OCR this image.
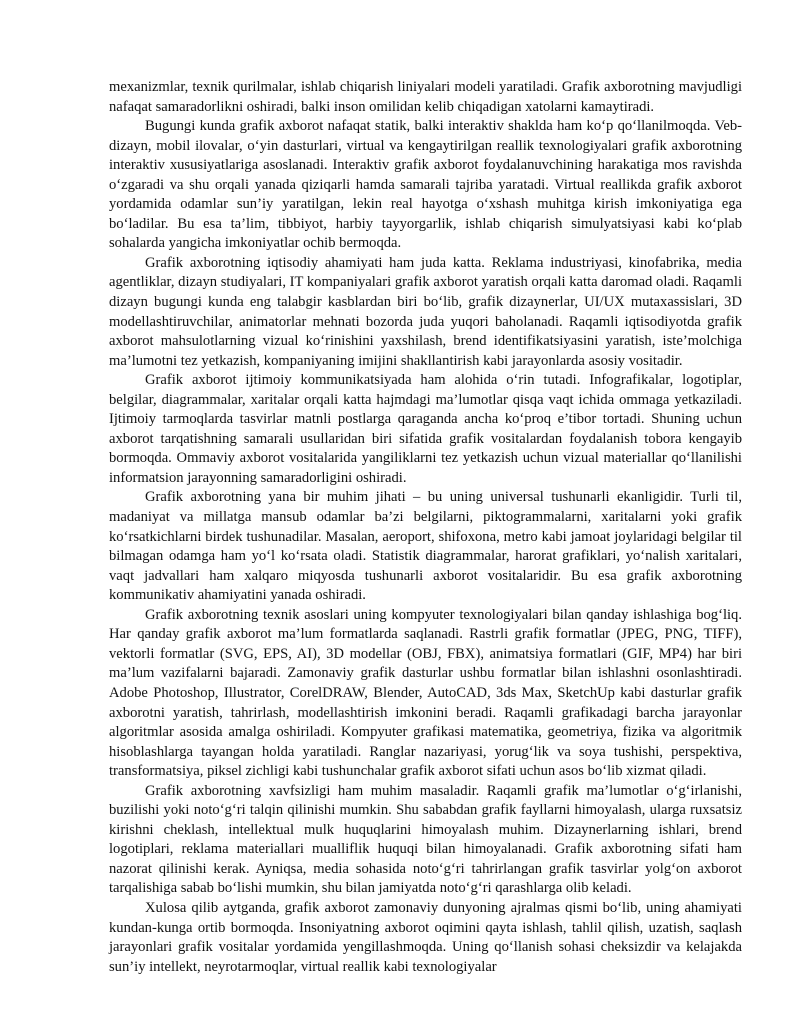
mexanizmlar, texnik qurilmalar, ishlab chiqarish liniyalari modeli yaratiladi. Grafik axborotning mavjudligi nafaqat samaradorlikni oshiradi, balki inson omilidan kelib chiqadigan xatolarni kamaytiradi.

Bugungi kunda grafik axborot nafaqat statik, balki interaktiv shaklda ham ko‘p qo‘llanilmoqda. Veb-dizayn, mobil ilovalar, o‘yin dasturlari, virtual va kengaytirilgan reallik texnologiyalari grafik axborotning interaktiv xususiyatlariga asoslanadi. Interaktiv grafik axborot foydalanuvchining harakatiga mos ravishda o‘zgaradi va shu orqali yanada qiziqarli hamda samarali tajriba yaratadi. Virtual reallikda grafik axborot yordamida odamlar sun’iy yaratilgan, lekin real hayotga o‘xshash muhitga kirish imkoniyatiga ega bo‘ladilar. Bu esa ta’lim, tibbiyot, harbiy tayyorgarlik, ishlab chiqarish simulyatsiyasi kabi ko‘plab sohalarda yangicha imkoniyatlar ochib bermoqda.

Grafik axborotning iqtisodiy ahamiyati ham juda katta. Reklama industriyasi, kinofabrika, media agentliklar, dizayn studiyalari, IT kompaniyalari grafik axborot yaratish orqali katta daromad oladi. Raqamli dizayn bugungi kunda eng talabgir kasblardan biri bo‘lib, grafik dizaynerlar, UI/UX mutaxassislari, 3D modellashtiruvchilar, animatorlar mehnati bozorda juda yuqori baholanadi. Raqamli iqtisodiyotda grafik axborot mahsulotlarning vizual ko‘rinishini yaxshilash, brend identifikatsiyasini yaratish, iste’molchiga ma’lumotni tez yetkazish, kompaniyaning imijini shakllantirish kabi jarayonlarda asosiy vositadir.

Grafik axborot ijtimoiy kommunikatsiyada ham alohida o‘rin tutadi. Infografikalar, logotiplar, belgilar, diagrammalar, xaritalar orqali katta hajmdagi ma’lumotlar qisqa vaqt ichida ommaga yetkaziladi. Ijtimoiy tarmoqlarda tasvirlar matnli postlarga qaraganda ancha ko‘proq e’tibor tortadi. Shuning uchun axborot tarqatishning samarali usullaridan biri sifatida grafik vositalardan foydalanish tobora kengayib bormoqda. Ommaviy axborot vositalarida yangiliklarni tez yetkazish uchun vizual materiallar qo‘llanilishi informatsion jarayonning samaradorligini oshiradi.

Grafik axborotning yana bir muhim jihati – bu uning universal tushunarli ekanligidir. Turli til, madaniyat va millatga mansub odamlar ba’zi belgilarni, piktogrammalarni, xaritalarni yoki grafik ko‘rsatkichlarni birdek tushunadilar. Masalan, aeroport, shifoxona, metro kabi jamoat joylaridagi belgilar til bilmagan odamga ham yo‘l ko‘rsata oladi. Statistik diagrammalar, harorat grafiklari, yo‘nalish xaritalari, vaqt jadvallari ham xalqaro miqyosda tushunarli axborot vositalaridir. Bu esa grafik axborotning kommunikativ ahamiyatini yanada oshiradi.

Grafik axborotning texnik asoslari uning kompyuter texnologiyalari bilan qanday ishlashiga bog‘liq. Har qanday grafik axborot ma’lum formatlarda saqlanadi. Rastrli grafik formatlar (JPEG, PNG, TIFF), vektorli formatlar (SVG, EPS, AI), 3D modellar (OBJ, FBX), animatsiya formatlari (GIF, MP4) har biri ma’lum vazifalarni bajaradi. Zamonaviy grafik dasturlar ushbu formatlar bilan ishlashni osonlashtiradi. Adobe Photoshop, Illustrator, CorelDRAW, Blender, AutoCAD, 3ds Max, SketchUp kabi dasturlar grafik axborotni yaratish, tahrirlash, modellashtirish imkonini beradi. Raqamli grafikadagi barcha jarayonlar algoritmlar asosida amalga oshiriladi. Kompyuter grafikasi matematika, geometriya, fizika va algoritmik hisoblashlarga tayangan holda yaratiladi. Ranglar nazariyasi, yorug‘lik va soya tushishi, perspektiva, transformatsiya, piksel zichligi kabi tushunchalar grafik axborot sifati uchun asos bo‘lib xizmat qiladi.

Grafik axborotning xavfsizligi ham muhim masaladir. Raqamli grafik ma’lumotlar o‘g‘irlanishi, buzilishi yoki noto‘g‘ri talqin qilinishi mumkin. Shu sababdan grafik fayllarni himoyalash, ularga ruxsatsiz kirishni cheklash, intellektual mulk huquqlarini himoyalash muhim. Dizaynerlarning ishlari, brend logotiplari, reklama materiallari mualliflik huquqi bilan himoyalanadi. Grafik axborotning sifati ham nazorat qilinishi kerak. Ayniqsa, media sohasida noto‘g‘ri tahrirlangan grafik tasvirlar yolg‘on axborot tarqalishiga sabab bo‘lishi mumkin, shu bilan jamiyatda noto‘g‘ri qarashlarga olib keladi.

Xulosa qilib aytganda, grafik axborot zamonaviy dunyoning ajralmas qismi bo‘lib, uning ahamiyati kundan-kunga ortib bormoqda. Insoniyatning axborot oqimini qayta ishlash, tahlil qilish, uzatish, saqlash jarayonlari grafik vositalar yordamida yengillashmoqda. Uning qo‘llanish sohasi cheksizdir va kelajakda sun’iy intellekt, neyrotarmoqlar, virtual reallik kabi texnologiyalar
